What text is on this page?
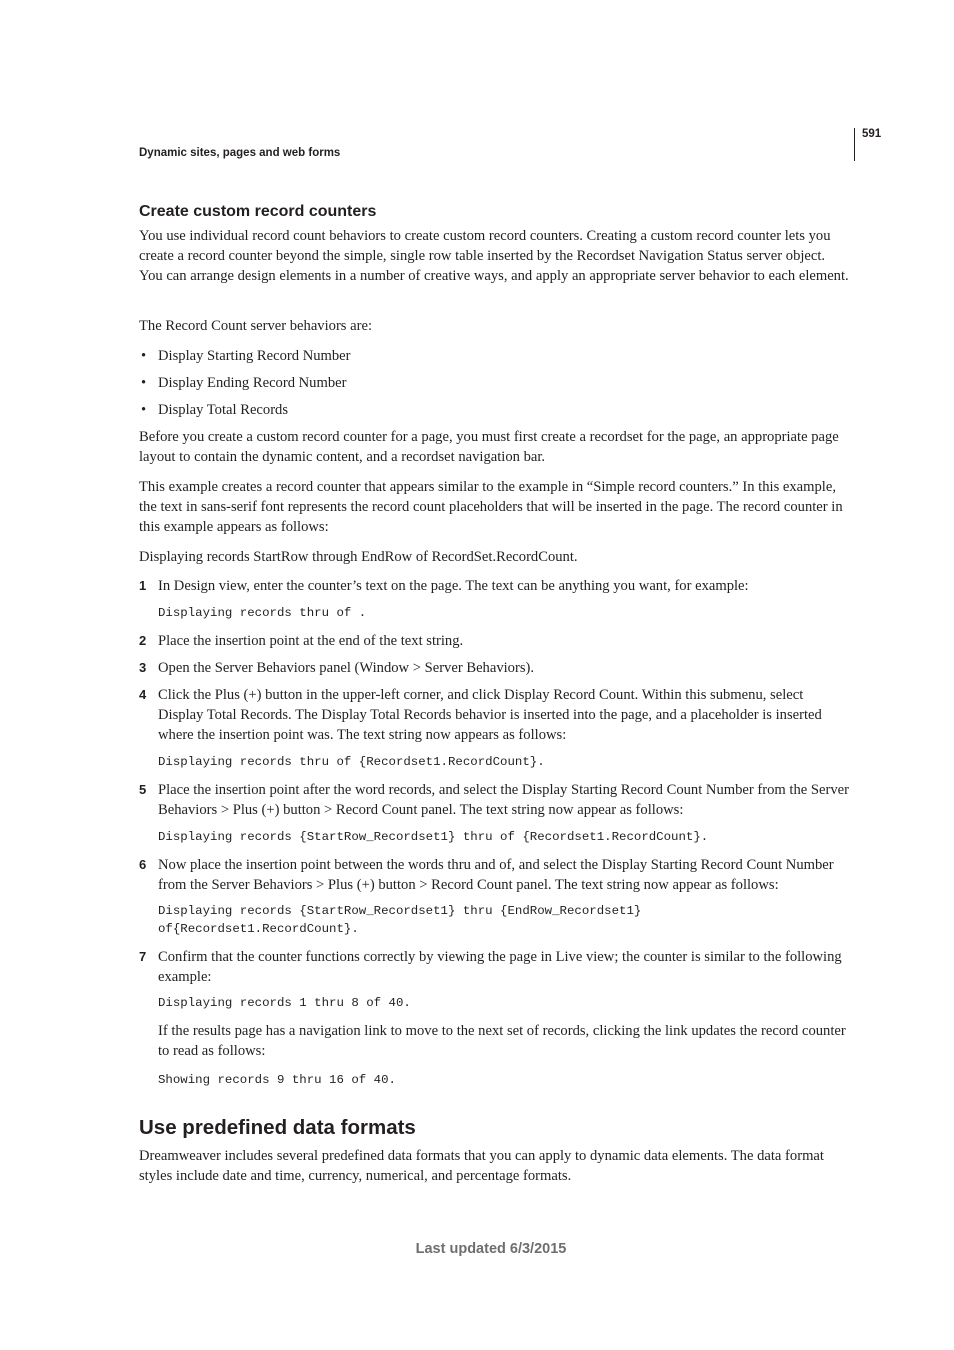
591
Dynamic sites, pages and web forms
Create custom record counters
You use individual record count behaviors to create custom record counters. Creating a custom record counter lets you create a record counter beyond the simple, single row table inserted by the Recordset Navigation Status server object. You can arrange design elements in a number of creative ways, and apply an appropriate server behavior to each element.
The Record Count server behaviors are:
• Display Starting Record Number
• Display Ending Record Number
• Display Total Records
Before you create a custom record counter for a page, you must first create a recordset for the page, an appropriate page layout to contain the dynamic content, and a recordset navigation bar.
This example creates a record counter that appears similar to the example in “Simple record counters.” In this example, the text in sans-serif font represents the record count placeholders that will be inserted in the page. The record counter in this example appears as follows:
Displaying records StartRow through EndRow of RecordSet.RecordCount.
1 In Design view, enter the counter’s text on the page. The text can be anything you want, for example:
Displaying records thru of .
2 Place the insertion point at the end of the text string.
3 Open the Server Behaviors panel (Window > Server Behaviors).
4 Click the Plus (+) button in the upper-left corner, and click Display Record Count. Within this submenu, select Display Total Records. The Display Total Records behavior is inserted into the page, and a placeholder is inserted where the insertion point was. The text string now appears as follows:
Displaying records thru of {Recordset1.RecordCount}.
5 Place the insertion point after the word records, and select the Display Starting Record Count Number from the Server Behaviors > Plus (+) button > Record Count panel. The text string now appear as follows:
Displaying records {StartRow_Recordset1} thru of {Recordset1.RecordCount}.
6 Now place the insertion point between the words thru and of, and select the Display Starting Record Count Number from the Server Behaviors > Plus (+) button > Record Count panel. The text string now appear as follows:
Displaying records {StartRow_Recordset1} thru {EndRow_Recordset1}
of{Recordset1.RecordCount}.
7 Confirm that the counter functions correctly by viewing the page in Live view; the counter is similar to the following example:
Displaying records 1 thru 8 of 40.
If the results page has a navigation link to move to the next set of records, clicking the link updates the record counter to read as follows:
Showing records 9 thru 16 of 40.
Use predefined data formats
Dreamweaver includes several predefined data formats that you can apply to dynamic data elements. The data format styles include date and time, currency, numerical, and percentage formats.
Last updated 6/3/2015
